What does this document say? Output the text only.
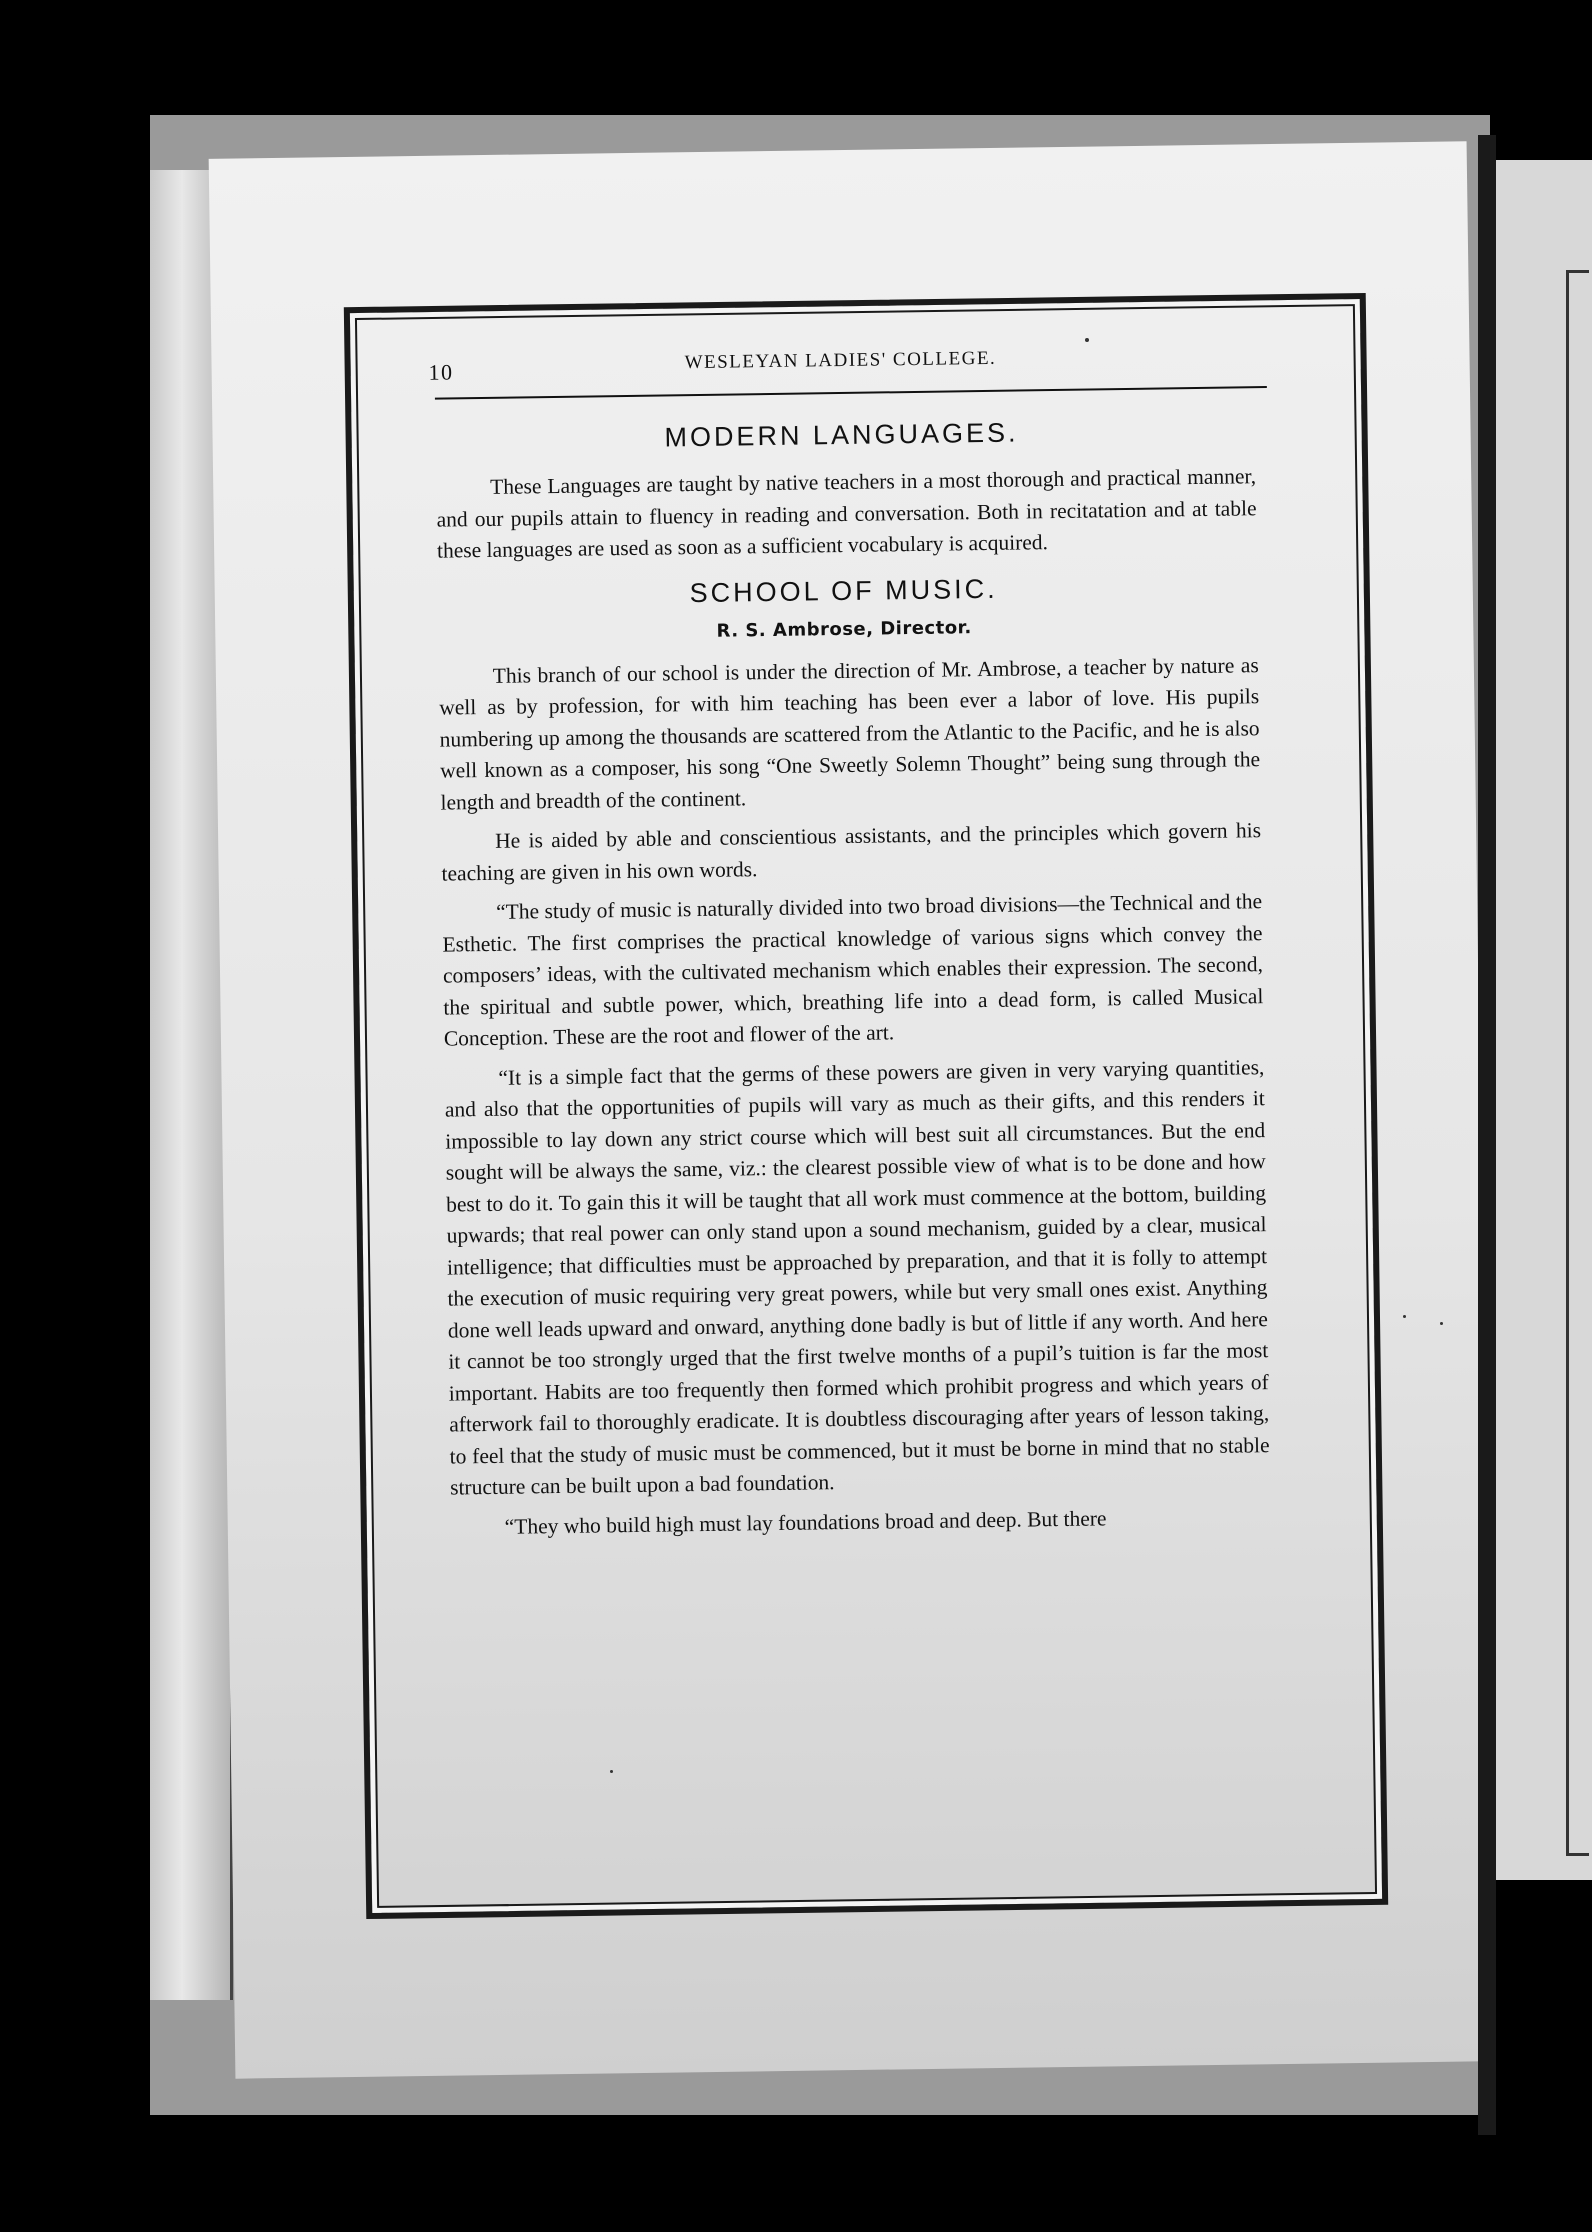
10	WESLEYAN LADIES' COLLEGE.
MODERN LANGUAGES.

These Languages are taught by native teachers in a most thorough and practical manner, and our pupils attain to fluency in reading and conversation. Both in recitatation and at table these languages are used as soon as a sufficient vocabulary is acquired.

SCHOOL OF MUSIC.
R. S. Ambrose, Director.

This branch of our school is under the direction of Mr. Ambrose, a teacher by nature as well as by profession, for with him teaching has been ever a labor of love. His pupils numbering up among the thousands are scattered from the Atlantic to the Pacific, and he is also well known as a composer, his song “One Sweetly Solemn Thought” being sung through the length and breadth of the continent.

He is aided by able and conscientious assistants, and the principles which govern his teaching are given in his own words.

“The study of music is naturally divided into two broad divisions—the Technical and the Esthetic. The first comprises the practical knowledge of various signs which convey the composers’ ideas, with the cultivated mechanism which enables their expression. The second, the spiritual and subtle power, which, breathing life into a dead form, is called Musical Conception. These are the root and flower of the art.

“It is a simple fact that the germs of these powers are given in very varying quantities, and also that the opportunities of pupils will vary as much as their gifts, and this renders it impossible to lay down any strict course which will best suit all circumstances. But the end sought will be always the same, viz.: the clearest possible view of what is to be done and how best to do it. To gain this it will be taught that all work must commence at the bottom, building upwards; that real power can only stand upon a sound mechanism, guided by a clear, musical intelligence; that difficulties must be approached by preparation, and that it is folly to attempt the execution of music requiring very great powers, while but very small ones exist. Anything done well leads upward and onward, anything done badly is but of little if any worth. And here it cannot be too strongly urged that the first twelve months of a pupil’s tuition is far the most important. Habits are too frequently then formed which prohibit progress and which years of afterwork fail to thoroughly eradicate. It is doubtless discouraging after years of lesson taking, to feel that the study of music must be commenced, but it must be borne in mind that no stable structure can be built upon a bad foundation.

“They who build high must lay foundations broad and deep. But there
